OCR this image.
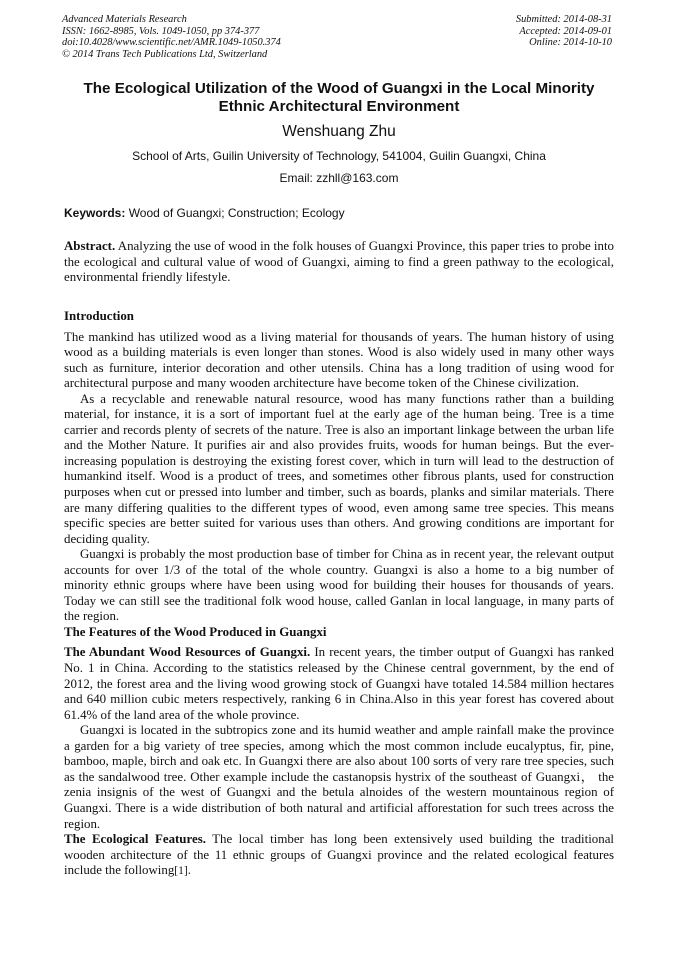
Advanced Materials Research
ISSN: 1662-8985, Vols. 1049-1050, pp 374-377
doi:10.4028/www.scientific.net/AMR.1049-1050.374
© 2014 Trans Tech Publications Ltd, Switzerland
Submitted: 2014-08-31
Accepted: 2014-09-01
Online: 2014-10-10
The Ecological Utilization of the Wood of Guangxi in the Local Minority
Ethnic Architectural Environment
Wenshuang Zhu
School of Arts, Guilin University of Technology, 541004, Guilin Guangxi, China
Email: zzhll@163.com
Keywords: Wood of Guangxi; Construction; Ecology

Abstract. Analyzing the use of wood in the folk houses of Guangxi Province, this paper tries to probe into the ecological and cultural value of wood of Guangxi, aiming to find a green pathway to the ecological, environmental friendly lifestyle.

Introduction

The mankind has utilized wood as a living material for thousands of years. The human history of using wood as a building materials is even longer than stones. Wood is also widely used in many other ways such as furniture, interior decoration and other utensils. China has a long tradition of using wood for architectural purpose and many wooden architecture have become token of the Chinese civilization.

As a recyclable and renewable natural resource, wood has many functions rather than a building material, for instance, it is a sort of important fuel at the early age of the human being. Tree is a time carrier and records plenty of secrets of the nature. Tree is also an important linkage between the urban life and the Mother Nature. It purifies air and also provides fruits, woods for human beings. But the ever-increasing population is destroying the existing forest cover, which in turn will lead to the destruction of humankind itself. Wood is a product of trees, and sometimes other fibrous plants, used for construction purposes when cut or pressed into lumber and timber, such as boards, planks and similar materials. There are many differing qualities to the different types of wood, even among same tree species. This means specific species are better suited for various uses than others. And growing conditions are important for deciding quality.

Guangxi is probably the most production base of timber for China as in recent year, the relevant output accounts for over 1/3 of the total of the whole country. Guangxi is also a home to a big number of minority ethnic groups where have been using wood for building their houses for thousands of years. Today we can still see the traditional folk wood house, called Ganlan in local language, in many parts of the region.

The Features of the Wood Produced in Guangxi

The Abundant Wood Resources of Guangxi. In recent years, the timber output of Guangxi has ranked No. 1 in China. According to the statistics released by the Chinese central government, by the end of 2012, the forest area and the living wood growing stock of Guangxi have totaled 14.584 million hectares and 640 million cubic meters respectively, ranking 6 in China.Also in this year forest has covered about 61.4% of the land area of the whole province.

Guangxi is located in the subtropics zone and its humid weather and ample rainfall make the province a garden for a big variety of tree species, among which the most common include eucalyptus, fir, pine, bamboo, maple, birch and oak etc. In Guangxi there are also about 100 sorts of very rare tree species, such as the sandalwood tree. Other example include the castanopsis hystrix of the southeast of Guangxi， the zenia insignis of the west of Guangxi and the betula alnoides of the western mountainous region of Guangxi. There is a wide distribution of both natural and artificial afforestation for such trees across the region.

The Ecological Features. The local timber has long been extensively used building the traditional wooden architecture of the 11 ethnic groups of Guangxi province and the related ecological features include the following[1].
